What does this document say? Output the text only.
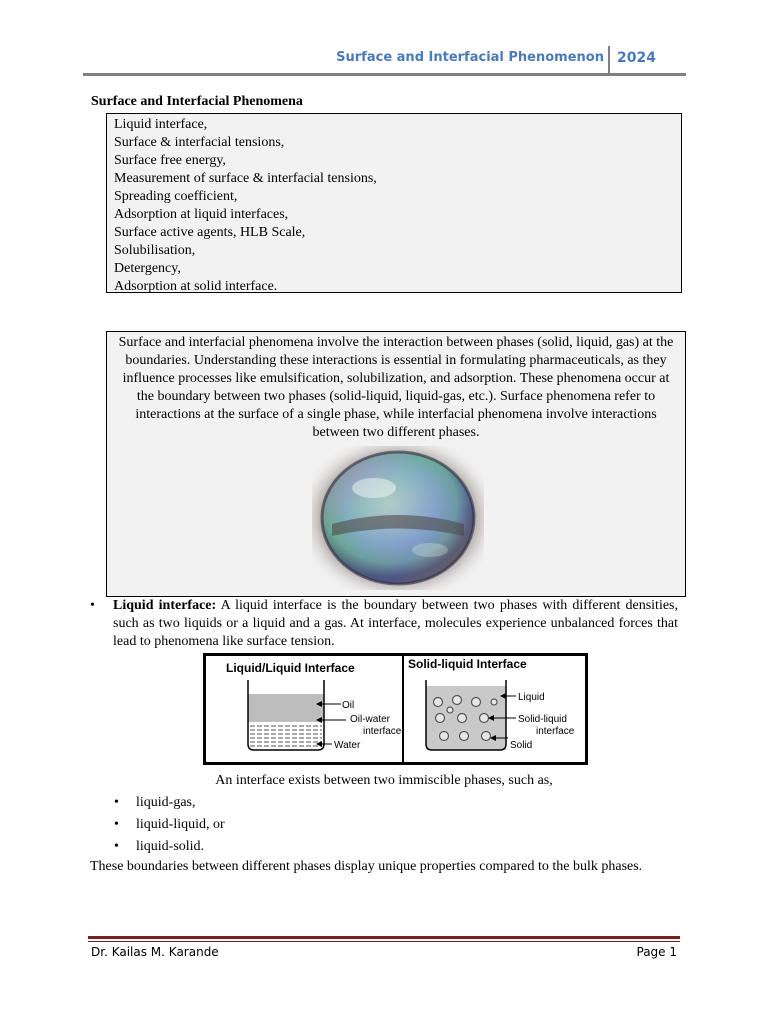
Surface and Interfacial Phenomenon 2024
Surface and Interfacial Phenomena
Liquid interface,
Surface & interfacial tensions,
Surface free energy,
Measurement of surface & interfacial tensions,
Spreading coefficient,
Adsorption at liquid interfaces,
Surface active agents, HLB Scale,
Solubilisation,
Detergency,
Adsorption at solid interface.
Surface and interfacial phenomena involve the interaction between phases (solid, liquid, gas) at the boundaries. Understanding these interactions is essential in formulating pharmaceuticals, as they influence processes like emulsification, solubilization, and adsorption. These phenomena occur at the boundary between two phases (solid-liquid, liquid-gas, etc.). Surface phenomena refer to interactions at the surface of a single phase, while interfacial phenomena involve interactions between two different phases.
• Liquid interface: A liquid interface is the boundary between two phases with different densities, such as two liquids or a liquid and a gas. At interface, molecules experience unbalanced forces that lead to phenomena like surface tension.
Liquid/Liquid Interface
Oil
Oil-water
interface
Water
Solid-liquid Interface
Liquid
Solid-liquid
interface
Solid
An interface exists between two immiscible phases, such as,
• liquid-gas,
• liquid-liquid, or
• liquid-solid.
These boundaries between different phases display unique properties compared to the bulk phases.
Dr. Kailas M. Karande	Page 1
